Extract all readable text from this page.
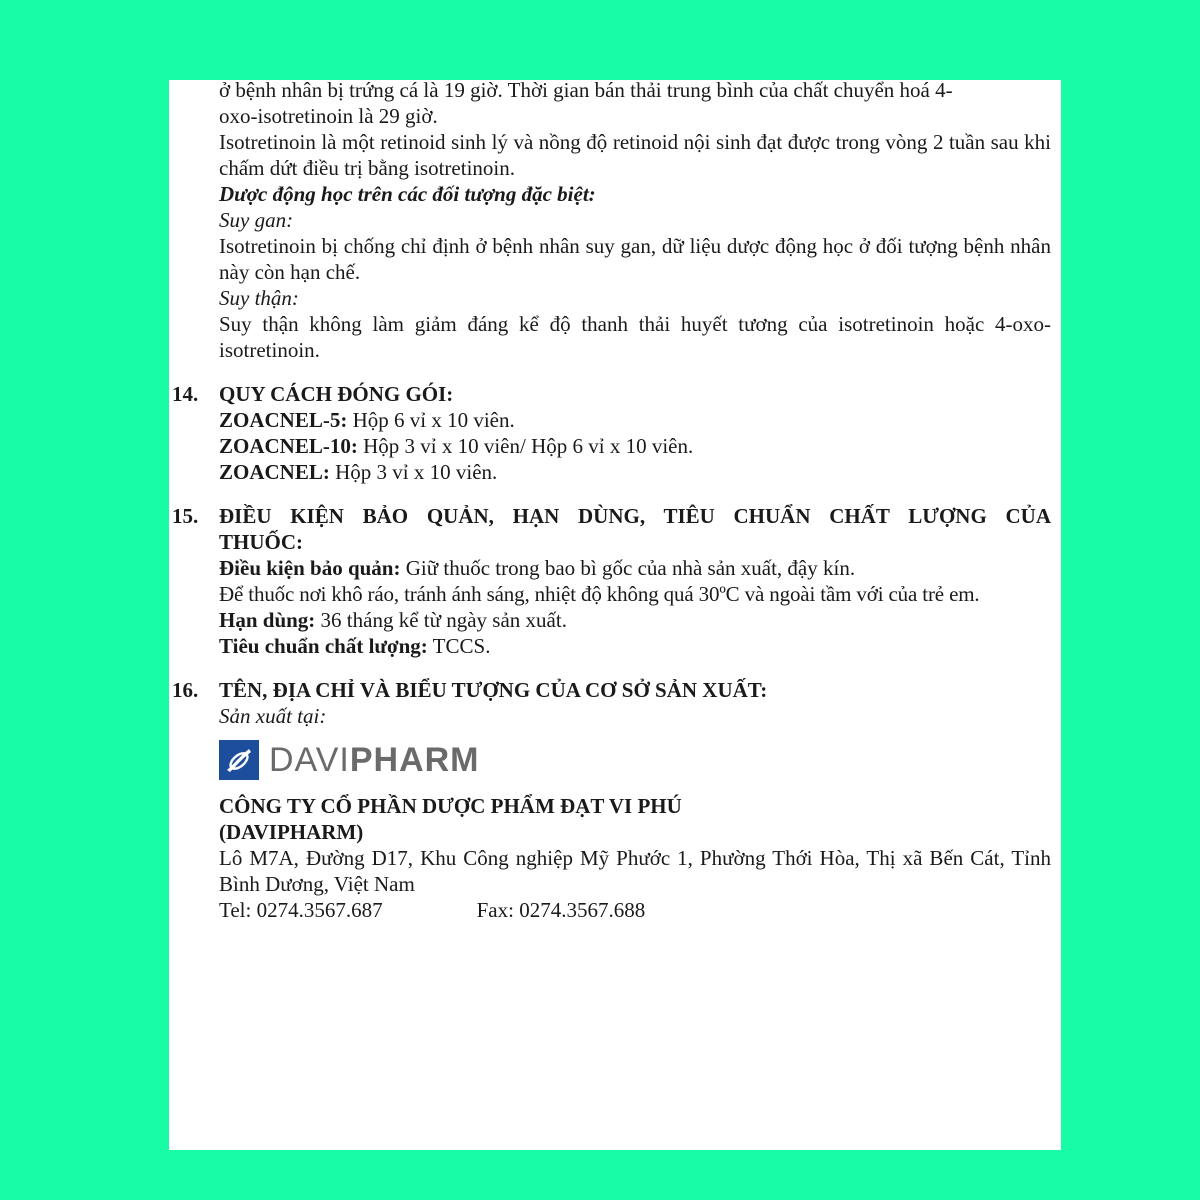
ở bệnh nhân bị trứng cá là 19 giờ. Thời gian bán thải trung bình của chất chuyển hoá 4-
oxo-isotretinoin là 29 giờ.
Isotretinoin là một retinoid sinh lý và nồng độ retinoid nội sinh đạt được trong vòng 2 tuần sau khi chấm dứt điều trị bằng isotretinoin.
Dược động học trên các đối tượng đặc biệt:
Suy gan:
Isotretinoin bị chống chỉ định ở bệnh nhân suy gan, dữ liệu dược động học ở đối tượng bệnh nhân này còn hạn chế.
Suy thận:
Suy thận không làm giảm đáng kể độ thanh thải huyết tương của isotretinoin hoặc 4-oxo-isotretinoin.
14. QUY CÁCH ĐÓNG GÓI:
ZOACNEL-5: Hộp 6 vỉ x 10 viên.
ZOACNEL-10: Hộp 3 vỉ x 10 viên/ Hộp 6 vỉ x 10 viên.
ZOACNEL: Hộp 3 vỉ x 10 viên.
15. ĐIỀU KIỆN BẢO QUẢN, HẠN DÙNG, TIÊU CHUẨN CHẤT LƯỢNG CỦA
THUỐC:
Điều kiện bảo quản: Giữ thuốc trong bao bì gốc của nhà sản xuất, đậy kín.
Để thuốc nơi khô ráo, tránh ánh sáng, nhiệt độ không quá 30ºC và ngoài tầm với của trẻ em.
Hạn dùng: 36 tháng kể từ ngày sản xuất.
Tiêu chuẩn chất lượng: TCCS.
16. TÊN, ĐỊA CHỈ VÀ BIỂU TƯỢNG CỦA CƠ SỞ SẢN XUẤT:
Sản xuất tại:
DAVIPHARM
CÔNG TY CỔ PHẦN DƯỢC PHẨM ĐẠT VI PHÚ
(DAVIPHARM)
Lô M7A, Đường D17, Khu Công nghiệp Mỹ Phước 1, Phường Thới Hòa, Thị xã Bến Cát, Tỉnh Bình Dương, Việt Nam
Tel: 0274.3567.687	Fax: 0274.3567.688
